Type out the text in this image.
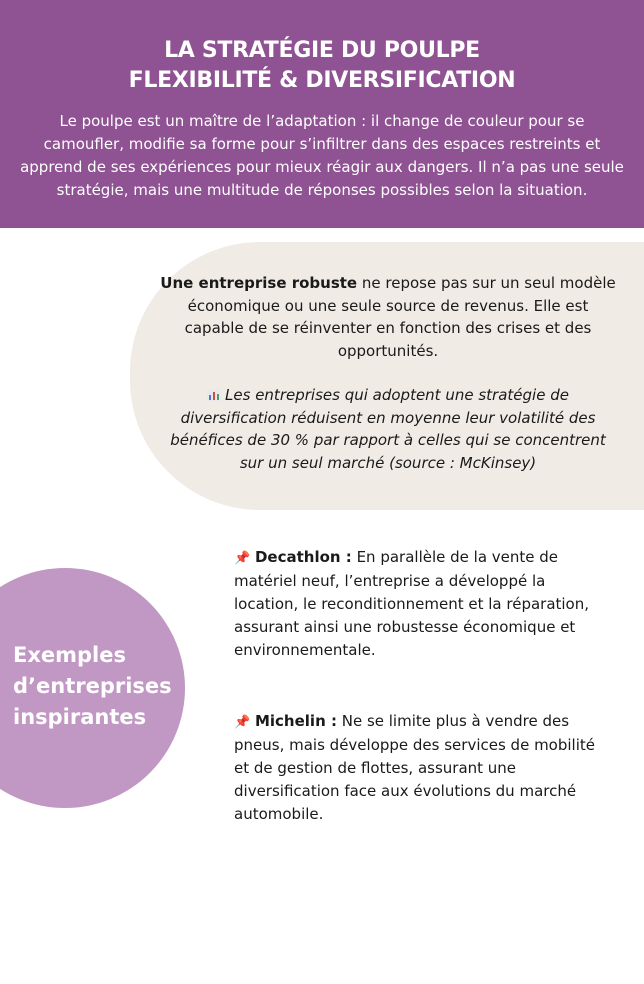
LA STRATÉGIE DU POULPE
FLEXIBILITÉ & DIVERSIFICATION
Le poulpe est un maître de l’adaptation : il change de couleur pour se camoufler, modifie sa forme pour s’infiltrer dans des espaces restreints et apprend de ses expériences pour mieux réagir aux dangers. Il n’a pas une seule stratégie, mais une multitude de réponses possibles selon la situation.
Une entreprise robuste ne repose pas sur un seul modèle économique ou une seule source de revenus. Elle est capable de se réinventer en fonction des crises et des opportunités.
Les entreprises qui adoptent une stratégie de diversification réduisent en moyenne leur volatilité des bénéfices de 30 % par rapport à celles qui se concentrent sur un seul marché (source : McKinsey)
Exemples d’entreprises inspirantes
📌 Decathlon : En parallèle de la vente de matériel neuf, l’entreprise a développé la location, le reconditionnement et la réparation, assurant ainsi une robustesse économique et environnementale.
📌 Michelin : Ne se limite plus à vendre des pneus, mais développe des services de mobilité et de gestion de flottes, assurant une diversification face aux évolutions du marché automobile.
